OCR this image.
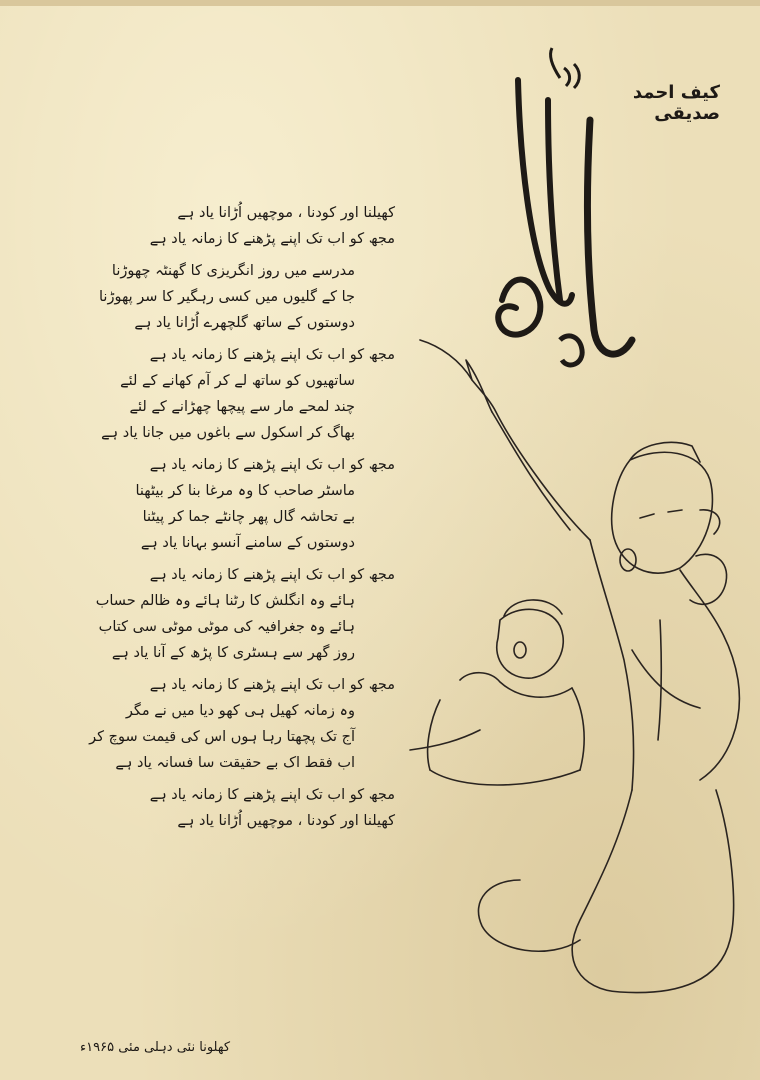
کیف احمد صدیقی
قوالی
کھیلنا اور کودنا ، موچھیں اُڑانا یاد ہے
مجھ کو اب تک اپنے پڑھنے کا زمانہ یاد ہے
مدرسے میں روز انگریزی کا گھنٹہ چھوڑنا
جا کے گلیوں میں کسی رہگیر کا سر پھوڑنا
دوستوں کے ساتھ گلچھرے اُڑانا یاد ہے
مجھ کو اب تک اپنے پڑھنے کا زمانہ یاد ہے
ساتھیوں کو ساتھ لے کر آم کھانے کے لئے
چند لمحے مار سے پیچھا چھڑانے کے لئے
بھاگ کر اسکول سے باغوں میں جانا یاد ہے
مجھ کو اب تک اپنے پڑھنے کا زمانہ یاد ہے
ماسٹر صاحب کا وہ مرغا بنا کر بیٹھنا
بے تحاشہ گال پھر چانٹے جما کر پیٹنا
دوستوں کے سامنے آنسو بہانا یاد ہے
مجھ کو اب تک اپنے پڑھنے کا زمانہ یاد ہے
ہائے وہ انگلش کا رٹنا ہائے وہ ظالم حساب
ہائے وہ جغرافیہ کی موٹی موٹی سی کتاب
روز گھر سے ہسٹری کا پڑھ کے آنا یاد ہے
مجھ کو اب تک اپنے پڑھنے کا زمانہ یاد ہے
وہ زمانہ کھیل ہی کھو دیا میں نے مگر
آج تک پچھتا رہا ہوں اس کی قیمت سوچ کر
اب فقط اک بے حقیقت سا فسانہ یاد ہے
مجھ کو اب تک اپنے پڑھنے کا زمانہ یاد ہے
کھیلنا اور کودنا ، موچھیں اُڑانا یاد ہے
کھلونا نئی دہلی مئی ۱۹۶۵ء
